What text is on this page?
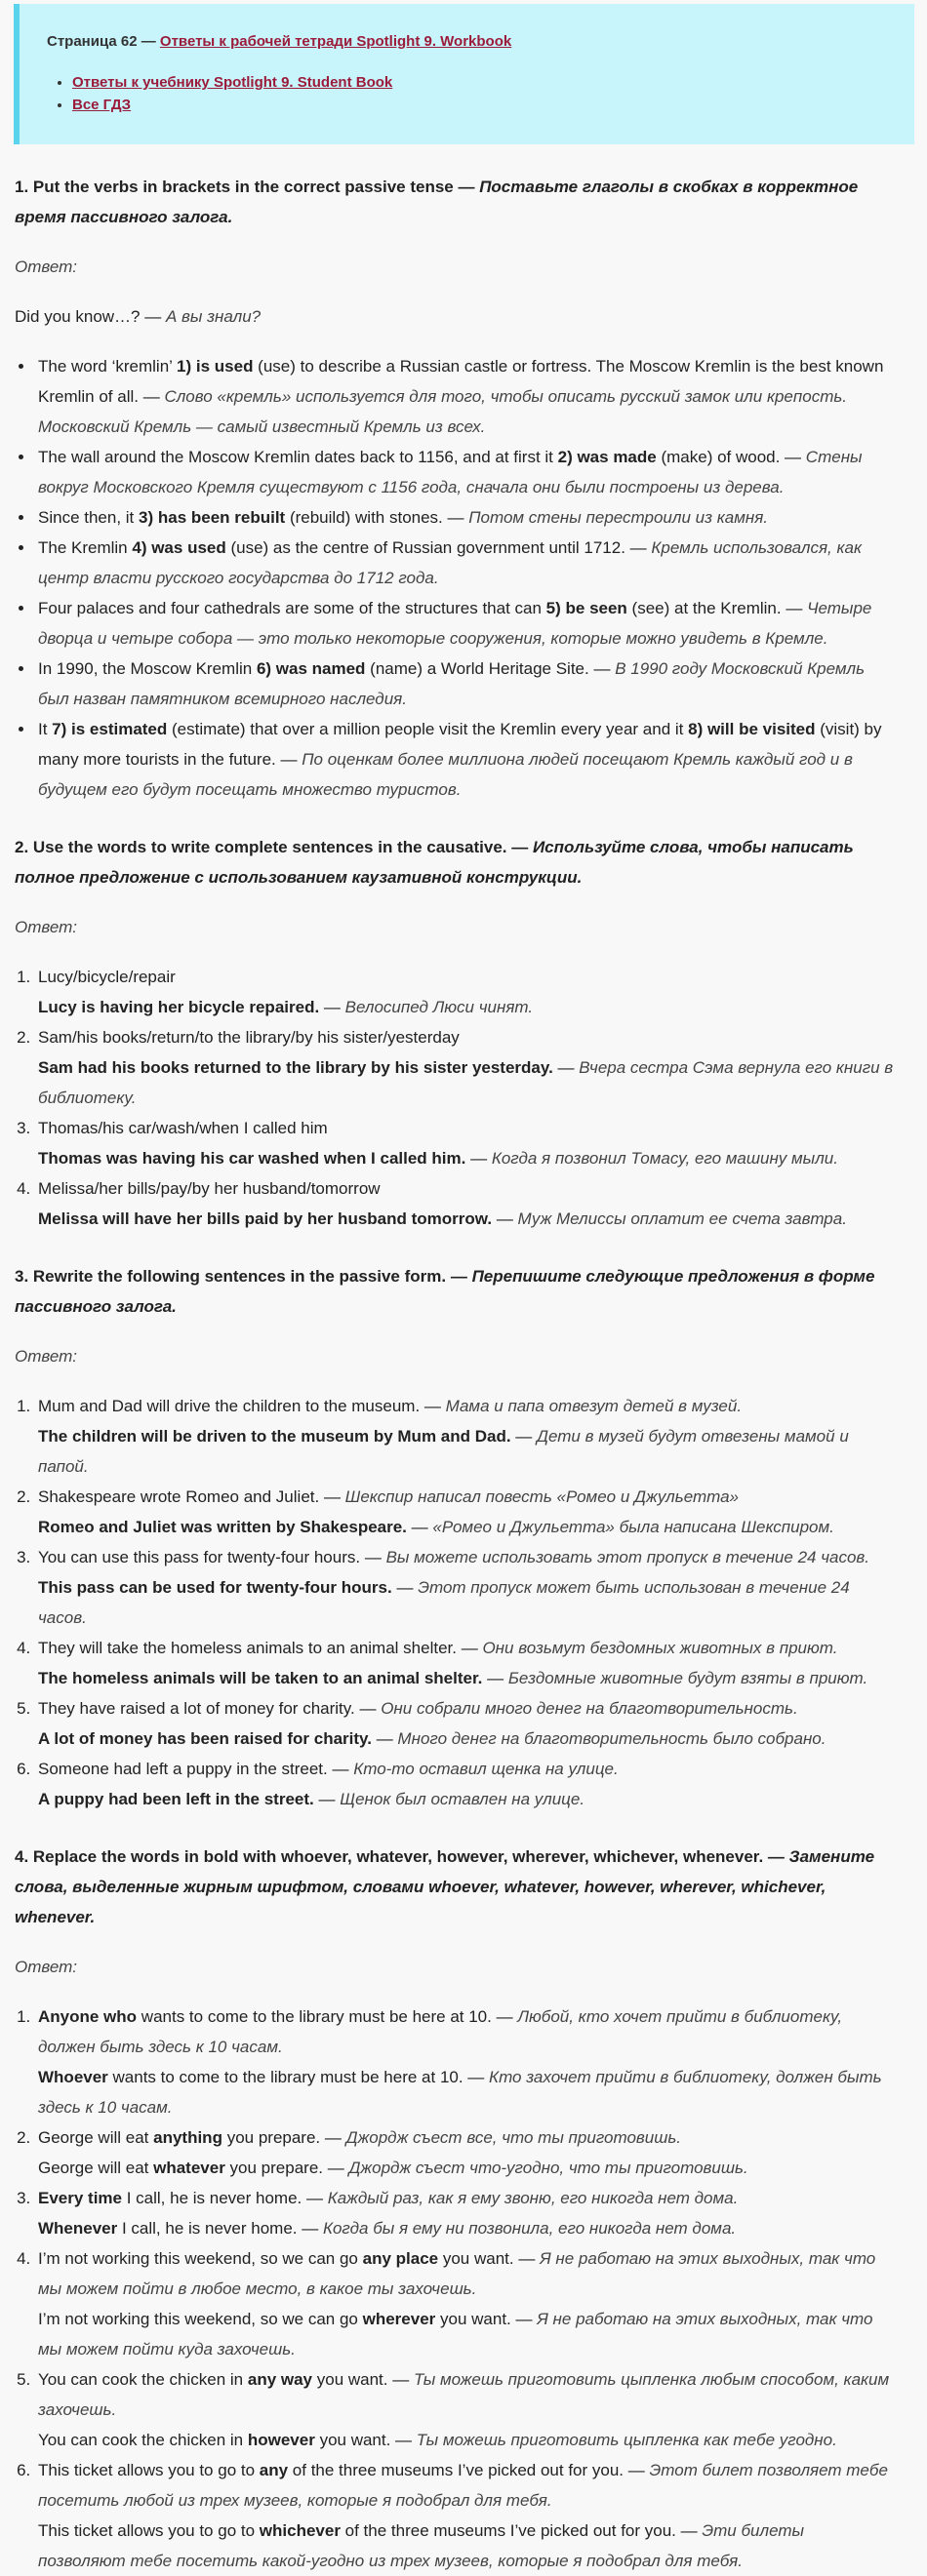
Страница 62 — Ответы к рабочей тетради Spotlight 9. Workbook
• Ответы к учебнику Spotlight 9. Student Book
• Все ГДЗ
1. Put the verbs in brackets in the correct passive tense — Поставьте глаголы в скобках в корректное время пассивного залога.

Ответ:

Did you know…? — А вы знали?

• The word ‘kremlin’ 1) is used (use) to describe a Russian castle or fortress. The Moscow Kremlin is the best known Kremlin of all. — Слово «кремль» используется для того, чтобы описать русский замок или крепость. Московский Кремль — самый известный Кремль из всех.
• The wall around the Moscow Kremlin dates back to 1156, and at first it 2) was made (make) of wood. — Стены вокруг Московского Кремля существуют с 1156 года, сначала они были построены из дерева.
• Since then, it 3) has been rebuilt (rebuild) with stones. — Потом стены перестроили из камня.
• The Kremlin 4) was used (use) as the centre of Russian government until 1712. — Кремль использовался, как центр власти русского государства до 1712 года.
• Four palaces and four cathedrals are some of the structures that can 5) be seen (see) at the Kremlin. — Четыре дворца и четыре собора — это только некоторые сооружения, которые можно увидеть в Кремле.
• In 1990, the Moscow Kremlin 6) was named (name) a World Heritage Site. — В 1990 году Московский Кремль был назван памятником всемирного наследия.
• It 7) is estimated (estimate) that over a million people visit the Kremlin every year and it 8) will be visited (visit) by many more tourists in the future. — По оценкам более миллиона людей посещают Кремль каждый год и в будущем его будут посещать множество туристов.
2. Use the words to write complete sentences in the causative. — Используйте слова, чтобы написать полное предложение с использованием каузативной конструкции.

Ответ:

1. Lucy/bicycle/repair
Lucy is having her bicycle repaired. — Велосипед Люси чинят.
2. Sam/his books/return/to the library/by his sister/yesterday
Sam had his books returned to the library by his sister yesterday. — Вчера сестра Сэма вернула его книги в библиотеку.
3. Thomas/his car/wash/when I called him
Thomas was having his car washed when I called him. — Когда я позвонил Томасу, его машину мыли.
4. Melissa/her bills/pay/by her husband/tomorrow
Melissa will have her bills paid by her husband tomorrow. — Муж Мелиссы оплатит ее счета завтра.
3. Rewrite the following sentences in the passive form. — Перепишите следующие предложения в форме пассивного залога.

Ответ:

1. Mum and Dad will drive the children to the museum. — Мама и папа отвезут детей в музей.
The children will be driven to the museum by Mum and Dad. — Дети в музей будут отвезены мамой и папой.
2. Shakespeare wrote Romeo and Juliet. — Шекспир написал повесть «Ромео и Джульетта»
Romeo and Juliet was written by Shakespeare. — «Ромео и Джульетта» была написана Шекспиром.
3. You can use this pass for twenty-four hours. — Вы можете использовать этот пропуск в течение 24 часов.
This pass can be used for twenty-four hours. — Этот пропуск может быть использован в течение 24 часов.
4. They will take the homeless animals to an animal shelter. — Они возьмут бездомных животных в приют.
The homeless animals will be taken to an animal shelter. — Бездомные животные будут взяты в приют.
5. They have raised a lot of money for charity. — Они собрали много денег на благотворительность.
A lot of money has been raised for charity. — Много денег на благотворительность было собрано.
6. Someone had left a puppy in the street. — Кто-то оставил щенка на улице.
A puppy had been left in the street. — Щенок был оставлен на улице.
4. Replace the words in bold with whoever, whatever, however, wherever, whichever, whenever. — Замените слова, выделенные жирным шрифтом, словами whoever, whatever, however, wherever, whichever, whenever.

Ответ:

1. Anyone who wants to come to the library must be here at 10. — Любой, кто хочет прийти в библиотеку, должен быть здесь к 10 часам.
Whoever wants to come to the library must be here at 10. — Кто захочет прийти в библиотеку, должен быть здесь к 10 часам.
2. George will eat anything you prepare. — Джордж съест все, что ты приготовишь.
George will eat whatever you prepare. — Джордж съест что-угодно, что ты приготовишь.
3. Every time I call, he is never home. — Каждый раз, как я ему звоню, его никогда нет дома.
Whenever I call, he is never home. — Когда бы я ему ни позвонила, его никогда нет дома.
4. I’m not working this weekend, so we can go any place you want. — Я не работаю на этих выходных, так что мы можем пойти в любое место, в какое ты захочешь.
I’m not working this weekend, so we can go wherever you want. — Я не работаю на этих выходных, так что мы можем пойти куда захочешь.
5. You can cook the chicken in any way you want. — Ты можешь приготовить цыпленка любым способом, каким захочешь.
You can cook the chicken in however you want. — Ты можешь приготовить цыпленка как тебе угодно.
6. This ticket allows you to go to any of the three museums I’ve picked out for you. — Этот билет позволяет тебе посетить любой из трех музеев, которые я подобрал для тебя.
This ticket allows you to go to whichever of the three museums I’ve picked out for you. — Эти билеты позволяют тебе посетить какой-угодно из трех музеев, которые я подобрал для тебя.
